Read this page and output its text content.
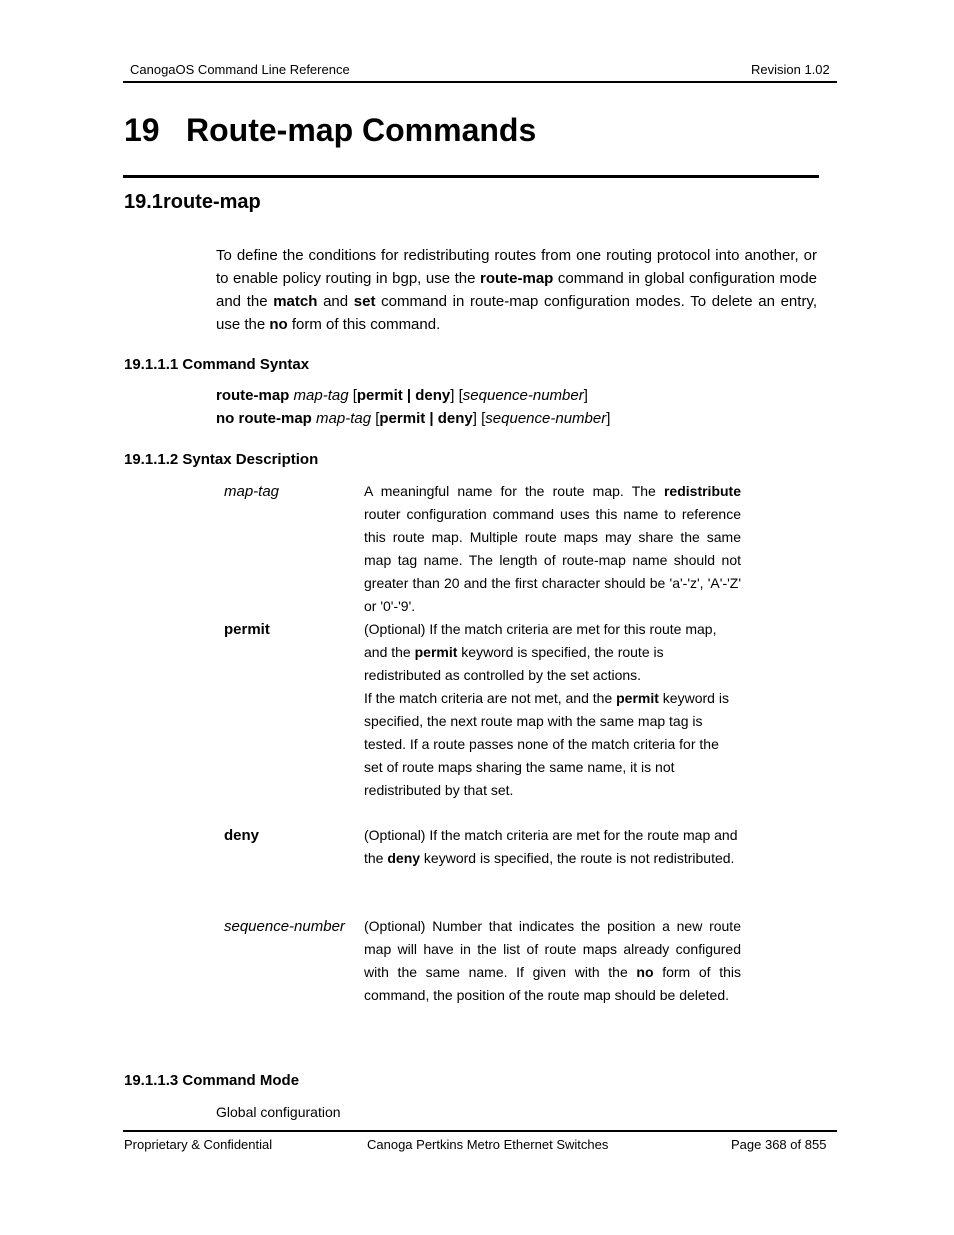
CanogaOS Command Line Reference	Revision 1.02
19 Route-map Commands
19.1route-map
To define the conditions for redistributing routes from one routing protocol into another, or to enable policy routing in bgp, use the route-map command in global configuration mode and the match and set command in route-map configuration modes. To delete an entry, use the no form of this command.
19.1.1.1 Command Syntax
route-map map-tag [permit | deny] [sequence-number]
no route-map map-tag [permit | deny] [sequence-number]
19.1.1.2 Syntax Description
map-tag	A meaningful name for the route map. The redistribute router configuration command uses this name to reference this route map. Multiple route maps may share the same map tag name. The length of route-map name should not greater than 20 and the first character should be 'a'-'z', 'A'-'Z' or '0'-'9'.
permit	(Optional) If the match criteria are met for this route map, and the permit keyword is specified, the route is redistributed as controlled by the set actions.
If the match criteria are not met, and the permit keyword is specified, the next route map with the same map tag is tested. If a route passes none of the match criteria for the set of route maps sharing the same name, it is not redistributed by that set.
deny	(Optional) If the match criteria are met for the route map and the deny keyword is specified, the route is not redistributed.
sequence-number (Optional) Number that indicates the position a new route map will have in the list of route maps already configured with the same name. If given with the no form of this command, the position of the route map should be deleted.
19.1.1.3 Command Mode
Global configuration
Proprietary & Confidential	Canoga Pertkins Metro Ethernet Switches	Page 368 of 855
